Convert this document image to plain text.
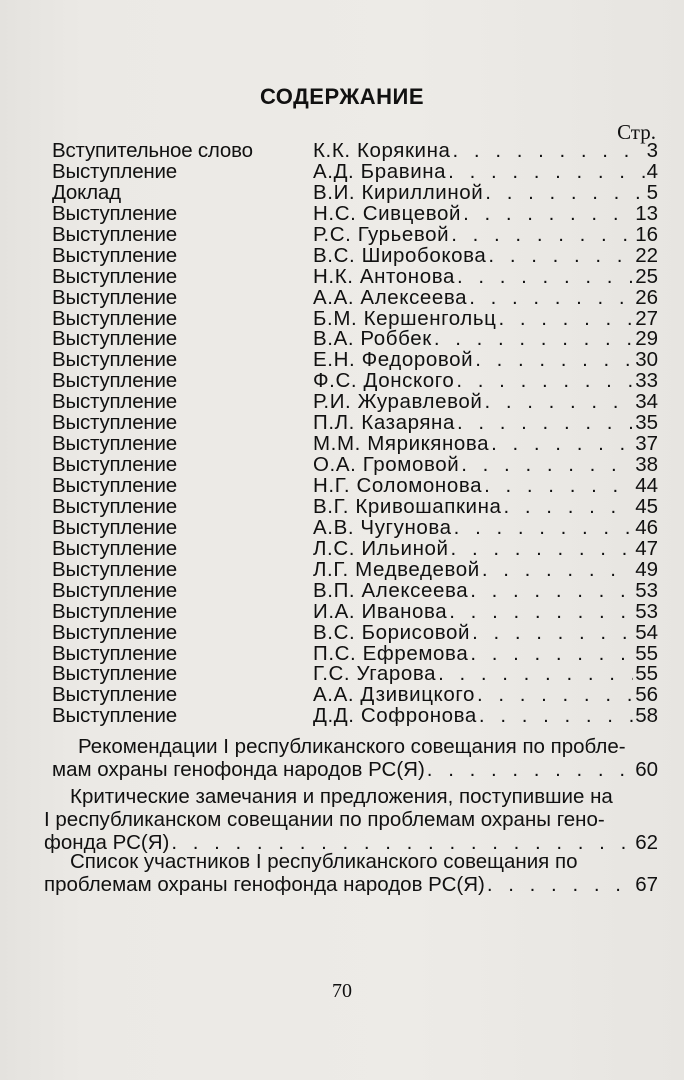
СОДЕРЖАНИЕ
Стр.
Вступительное слово	К.К. Корякина . . .	3
Выступление	А.Д. Бравина . . .	4
Доклад	В.И. Кириллиной . . .	5
Выступление	Н.С. Сивцевой . . .	13
Выступление	Р.С. Гурьевой . . .	16
Выступление	В.С. Широбокова . . .	22
Выступление	Н.К. Антонова . . .	25
Выступление	А.А. Алексеева . . .	26
Выступление	Б.М. Кершенгольц . . .	27
Выступление	В.А. Роббек . . .	29
Выступление	Е.Н. Федоровой . . .	30
Выступление	Ф.С. Донского . . .	33
Выступление	Р.И. Журавлевой . . .	34
Выступление	П.Л. Казаряна . . .	35
Выступление	М.М. Мярикянова . . .	37
Выступление	О.А. Громовой . . .	38
Выступление	Н.Г. Соломонова . . .	44
Выступление	В.Г. Кривошапкина . . .	45
Выступление	А.В. Чугунова . . .	46
Выступление	Л.С. Ильиной . . .	47
Выступление	Л.Г. Медведевой . . .	49
Выступление	В.П. Алексеева . . .	53
Выступление	И.А. Иванова . . .	53
Выступление	В.С. Борисовой . . .	54
Выступление	П.С. Ефремова . . .	55
Выступление	Г.С. Угарова . . .	55
Выступление	А.А. Дзивицкого . . .	56
Выступление	Д.Д. Софронова . . .	58
Рекомендации I республиканского совещания по пробле-
мам охраны генофонда народов РС(Я) . . .	60
Критические замечания и предложения, поступившие на
I республиканском совещании по проблемам охраны гено-
фонда РС(Я) . . .	62
Список участников I республиканского совещания по
проблемам охраны генофонда народов РС(Я) . . .	67
70
